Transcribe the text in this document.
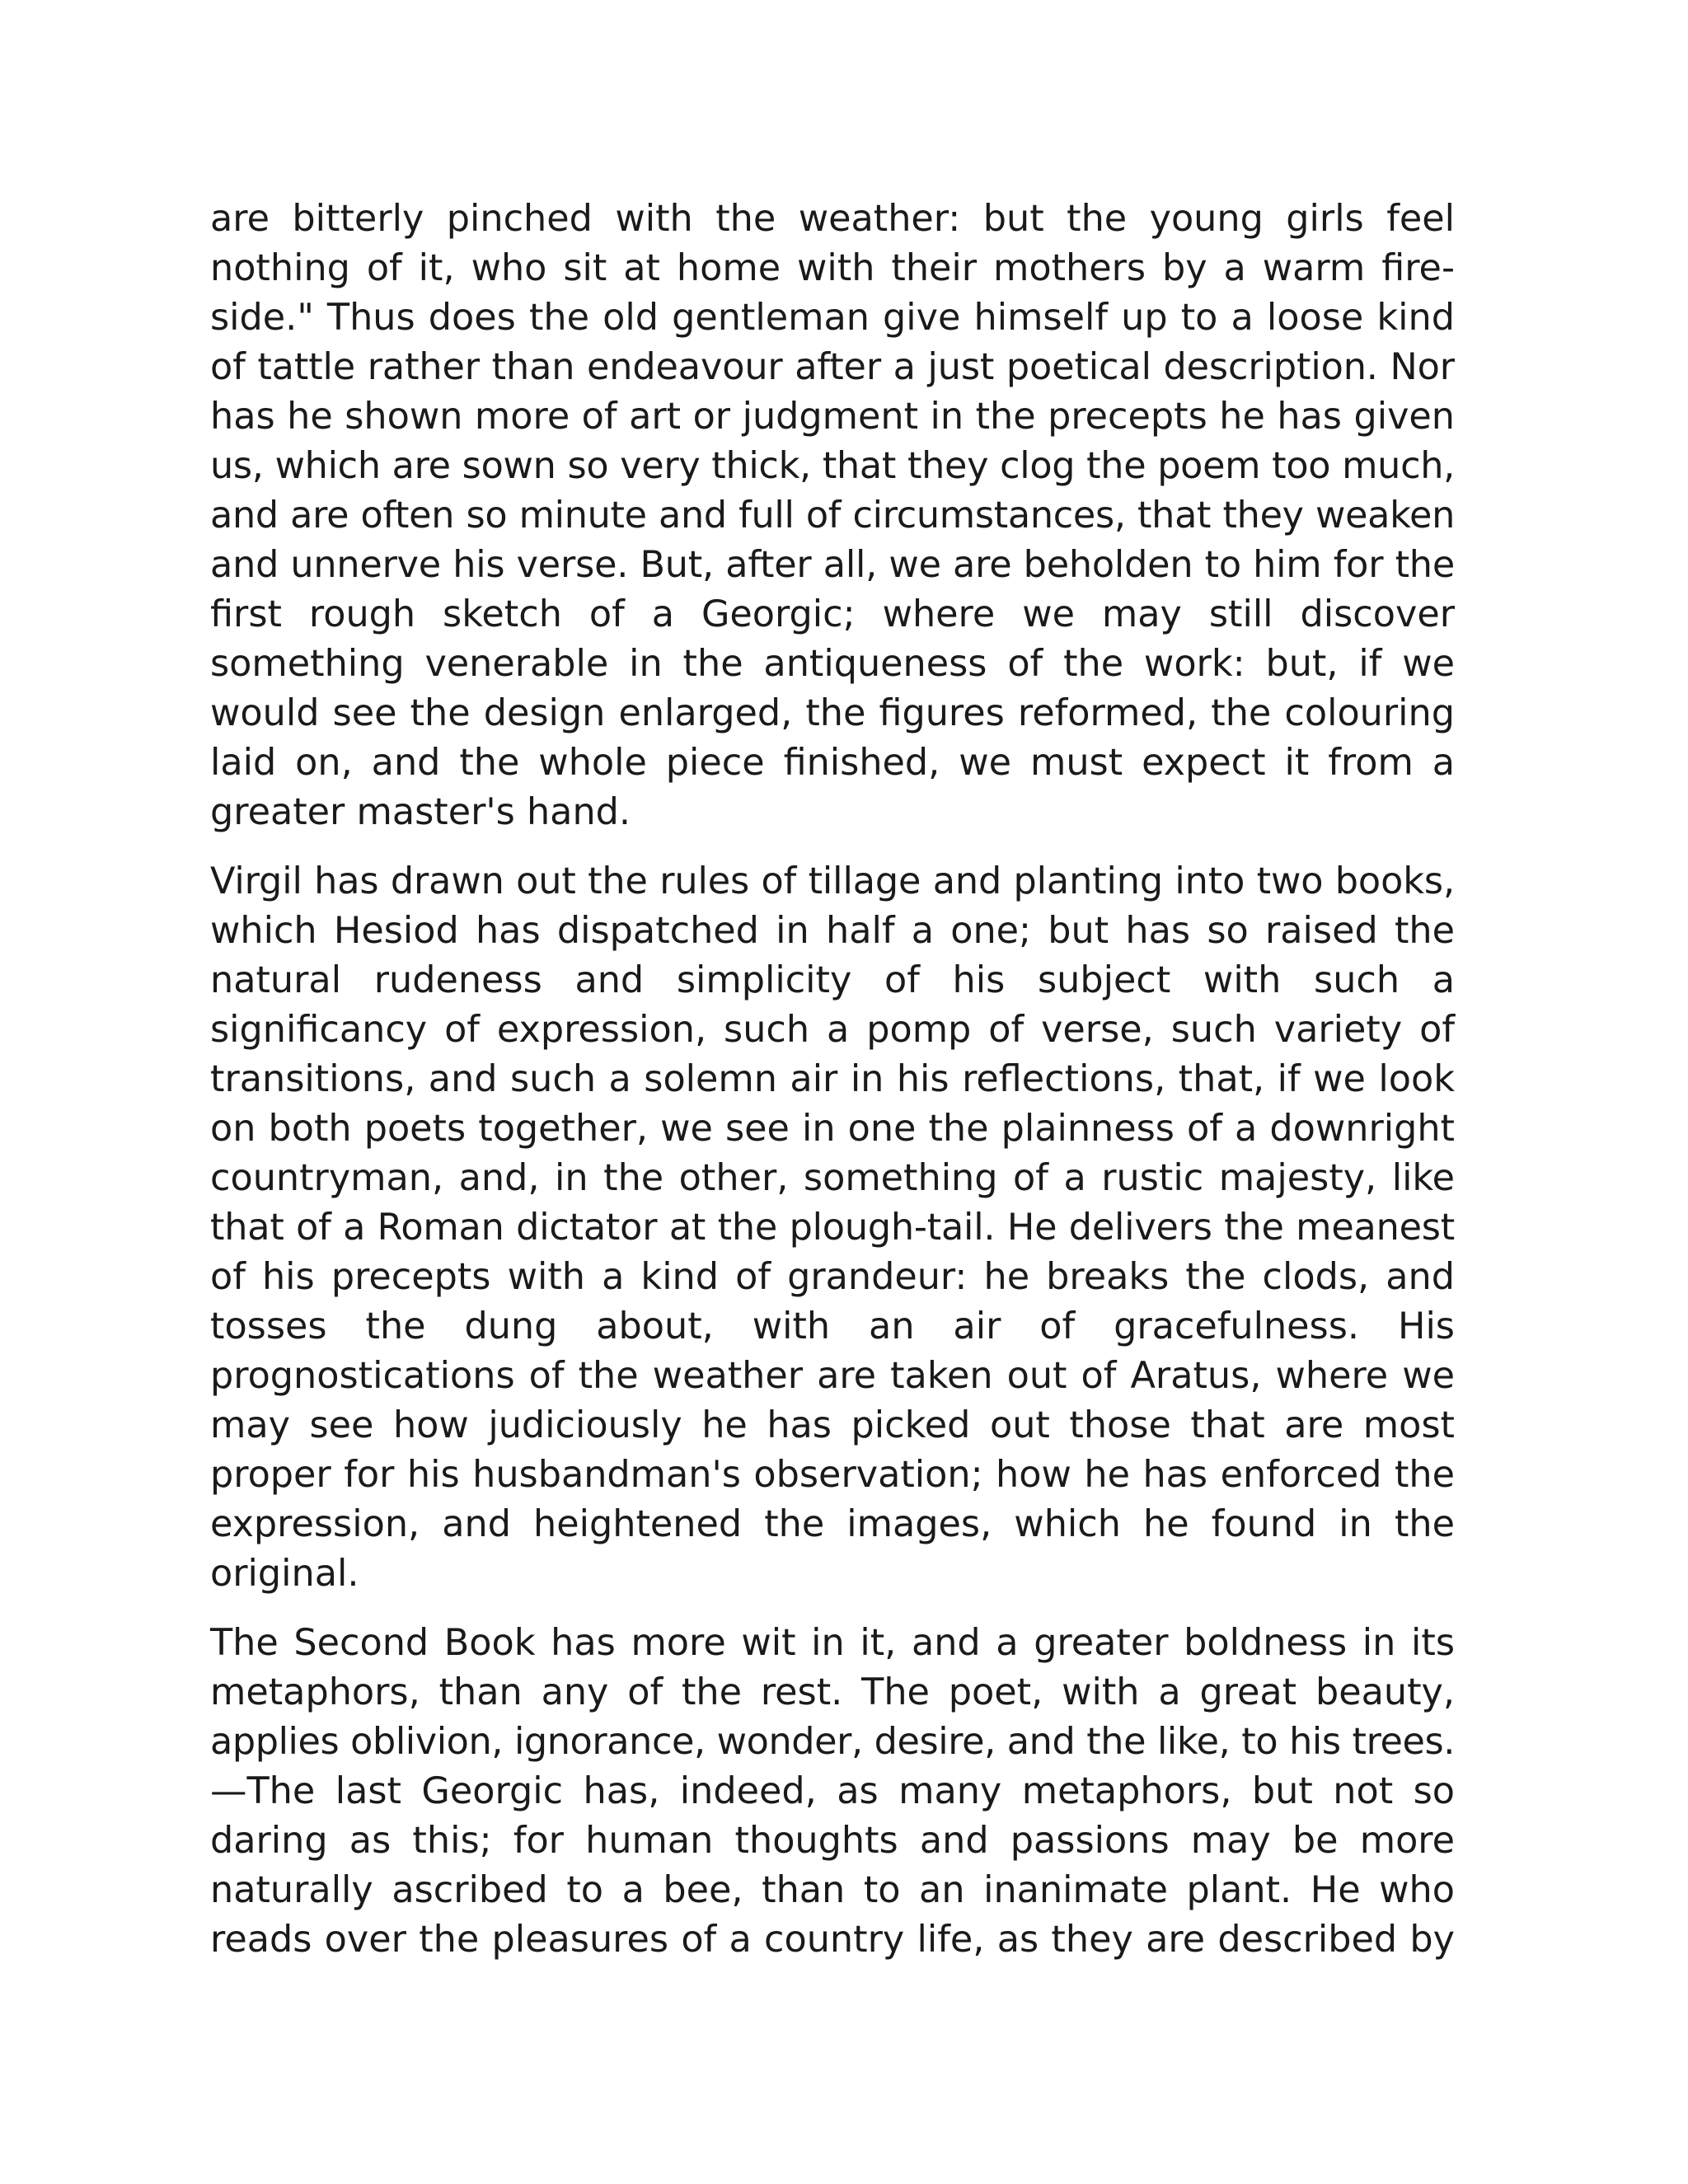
are bitterly pinched with the weather: but the young girls feel
nothing of it, who sit at home with their mothers by a warm fire-
side." Thus does the old gentleman give himself up to a loose kind
of tattle rather than endeavour after a just poetical description. Nor
has he shown more of art or judgment in the precepts he has given
us, which are sown so very thick, that they clog the poem too much,
and are often so minute and full of circumstances, that they weaken
and unnerve his verse. But, after all, we are beholden to him for the
first rough sketch of a Georgic; where we may still discover
something venerable in the antiqueness of the work: but, if we
would see the design enlarged, the figures reformed, the colouring
laid on, and the whole piece finished, we must expect it from a
greater master's hand.
Virgil has drawn out the rules of tillage and planting into two books,
which Hesiod has dispatched in half a one; but has so raised the
natural rudeness and simplicity of his subject with such a
significancy of expression, such a pomp of verse, such variety of
transitions, and such a solemn air in his reflections, that, if we look
on both poets together, we see in one the plainness of a downright
countryman, and, in the other, something of a rustic majesty, like
that of a Roman dictator at the plough-tail. He delivers the meanest
of his precepts with a kind of grandeur: he breaks the clods, and
tosses the dung about, with an air of gracefulness. His
prognostications of the weather are taken out of Aratus, where we
may see how judiciously he has picked out those that are most
proper for his husbandman's observation; how he has enforced the
expression, and heightened the images, which he found in the
original.
The Second Book has more wit in it, and a greater boldness in its
metaphors, than any of the rest. The poet, with a great beauty,
applies oblivion, ignorance, wonder, desire, and the like, to his trees.
—The last Georgic has, indeed, as many metaphors, but not so
daring as this; for human thoughts and passions may be more
naturally ascribed to a bee, than to an inanimate plant. He who
reads over the pleasures of a country life, as they are described by
